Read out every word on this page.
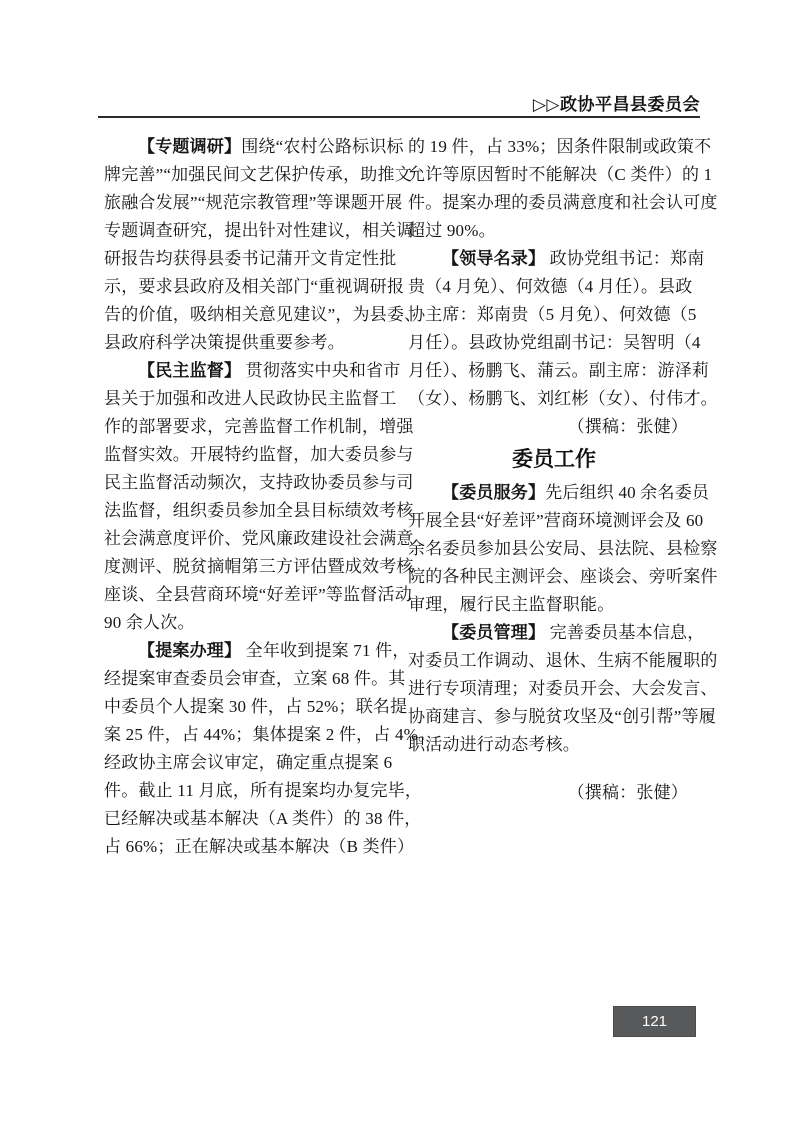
▷▷政协平昌县委员会
【专题调研】围绕“农村公路标识标
牌完善”“加强民间文艺保护传承，助推文
旅融合发展”“规范宗教管理”等课题开展
专题调查研究，提出针对性建议，相关调
研报告均获得县委书记蒲开文肯定性批
示，要求县政府及相关部门“重视调研报
告的价值，吸纳相关意见建议”，为县委、
县政府科学决策提供重要参考。
【民主监督】 贯彻落实中央和省市
县关于加强和改进人民政协民主监督工
作的部署要求，完善监督工作机制，增强
监督实效。开展特约监督，加大委员参与
民主监督活动频次，支持政协委员参与司
法监督，组织委员参加全县目标绩效考核
社会满意度评价、党风廉政建设社会满意
度测评、脱贫摘帽第三方评估暨成效考核
座谈、全县营商环境“好差评”等监督活动
90 余人次。
【提案办理】 全年收到提案 71 件，
经提案审查委员会审查，立案 68 件。其
中委员个人提案 30 件，占 52%；联名提
案 25 件，占 44%；集体提案 2 件，占 4%。
经政协主席会议审定，确定重点提案 6
件。截止 11 月底，所有提案均办复完毕，
已经解决或基本解决（A 类件）的 38 件，
占 66%；正在解决或基本解决（B 类件）
的 19 件，占 33%；因条件限制或政策不
允许等原因暂时不能解决（C 类件）的 1
件。提案办理的委员满意度和社会认可度
超过 90%。
【领导名录】 政协党组书记：郑南
贵（4 月免）、何效德（4 月任）。县政
协主席：郑南贵（5 月免）、何效德（5
月任）。县政协党组副书记：吴智明（4
月任）、杨鹏飞、蒲云。副主席：游泽莉
（女）、杨鹏飞、刘红彬（女）、付伟才。
（撰稿：张健）
委员工作
【委员服务】先后组织 40 余名委员
开展全县“好差评”营商环境测评会及 60
余名委员参加县公安局、县法院、县检察
院的各种民主测评会、座谈会、旁听案件
审理，履行民主监督职能。
【委员管理】 完善委员基本信息，
对委员工作调动、退休、生病不能履职的
进行专项清理；对委员开会、大会发言、
协商建言、参与脱贫攻坚及“创引帮”等履
职活动进行动态考核。
（撰稿：张健）
121
